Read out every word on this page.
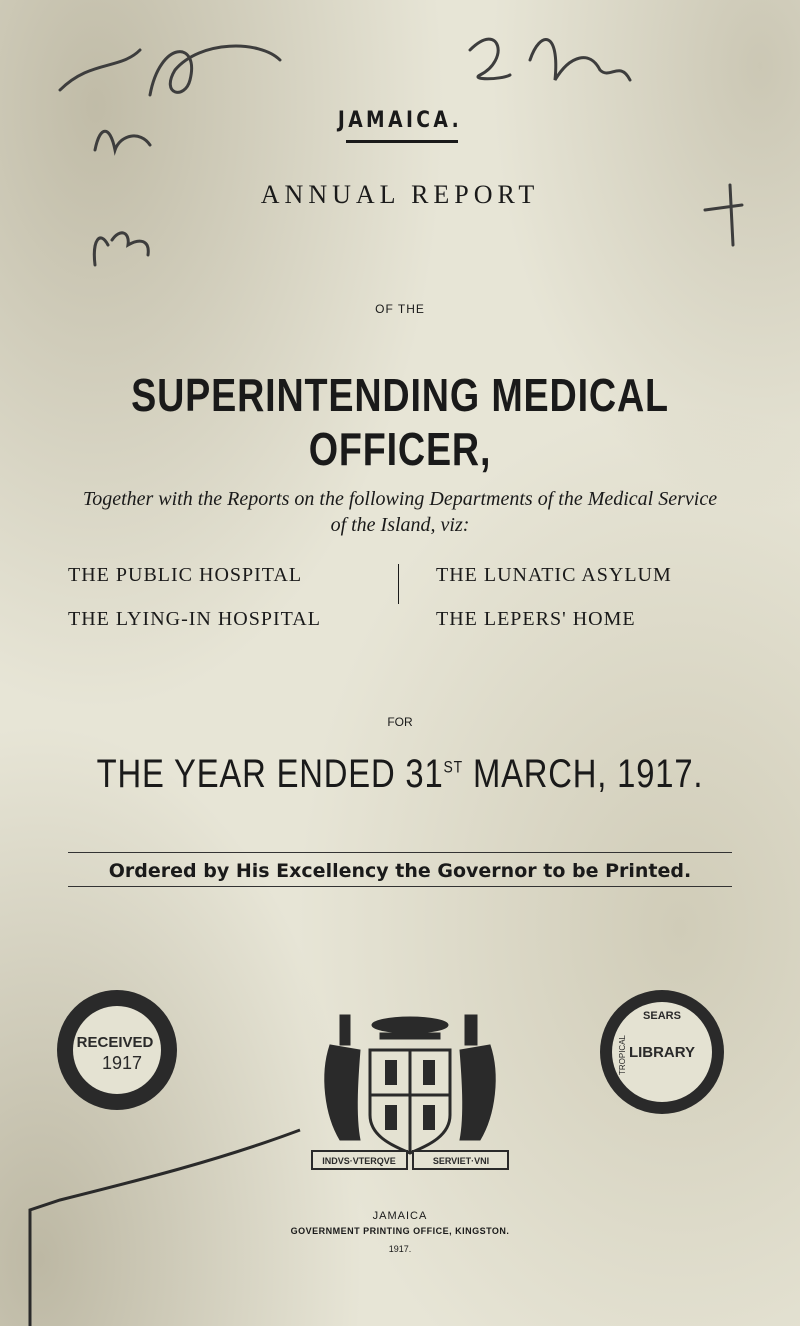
JAMAICA.
ANNUAL REPORT
OF THE
SUPERINTENDING MEDICAL OFFICER,
Together with the Reports on the following Departments of the Medical Service
of the Island, viz:
THE PUBLIC HOSPITAL
THE LYING-IN HOSPITAL
THE LUNATIC ASYLUM
THE LEPERS' HOME
FOR
THE YEAR ENDED 31ST MARCH, 1917.
Ordered by His Excellency the Governor to be Printed.
RECEIVED
1917
INDVS·VTERQVE	SERVIET·VNI
SEARS
LIBRARY
TROPICAL
JAMAICA
GOVERNMENT PRINTING OFFICE, KINGSTON.
1917.
